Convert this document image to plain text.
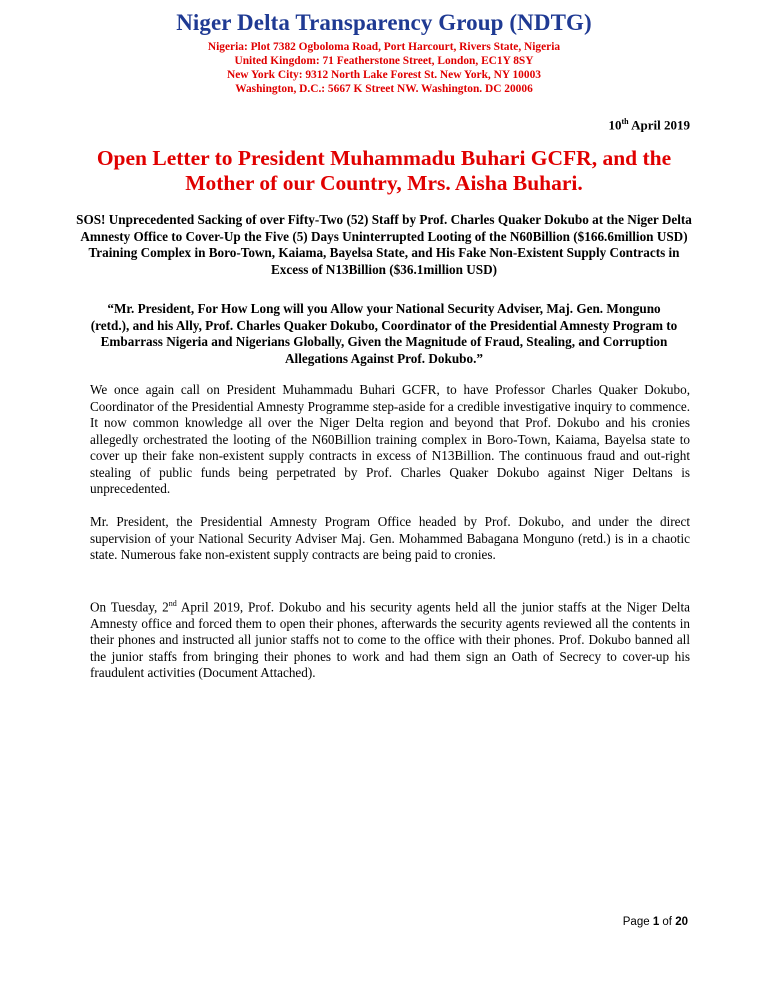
Niger Delta Transparency Group (NDTG)

Nigeria: Plot 7382 Ogboloma Road, Port Harcourt, Rivers State, Nigeria

United Kingdom: 71 Featherstone Street, London, EC1Y 8SY

New York City: 9312 North Lake Forest St. New York, NY 10003

Washington, D.C.: 5667 K Street NW. Washington. DC 20006

10th April 2019

Open Letter to President Muhammadu Buhari GCFR, and the Mother of our Country, Mrs. Aisha Buhari.

SOS! Unprecedented Sacking of over Fifty-Two (52) Staff by Prof. Charles Quaker Dokubo at the Niger Delta Amnesty Office to Cover-Up the Five (5) Days Uninterrupted Looting of the N60Billion ($166.6million USD) Training Complex in Boro-Town, Kaiama, Bayelsa State, and His Fake Non-Existent Supply Contracts in Excess of N13Billion ($36.1million USD)

“Mr. President, For How Long will you Allow your National Security Adviser, Maj. Gen. Monguno (retd.), and his Ally, Prof. Charles Quaker Dokubo, Coordinator of the Presidential Amnesty Program to Embarrass Nigeria and Nigerians Globally, Given the Magnitude of Fraud, Stealing, and Corruption Allegations Against Prof. Dokubo.”

We once again call on President Muhammadu Buhari GCFR, to have Professor Charles Quaker Dokubo, Coordinator of the Presidential Amnesty Programme step-aside for a credible investigative inquiry to commence. It now common knowledge all over the Niger Delta region and beyond that Prof. Dokubo and his cronies allegedly orchestrated the looting of the N60Billion training complex in Boro-Town, Kaiama, Bayelsa state to cover up their fake non-existent supply contracts in excess of N13Billion. The continuous fraud and out-right stealing of public funds being perpetrated by Prof. Charles Quaker Dokubo against Niger Deltans is unprecedented.

Mr. President, the Presidential Amnesty Program Office headed by Prof. Dokubo, and under the direct supervision of your National Security Adviser Maj. Gen. Mohammed Babagana Monguno (retd.) is in a chaotic state. Numerous fake non-existent supply contracts are being paid to cronies.

On Tuesday, 2nd April 2019, Prof. Dokubo and his security agents held all the junior staffs at the Niger Delta Amnesty office and forced them to open their phones, afterwards the security agents reviewed all the contents in their phones and instructed all junior staffs not to come to the office with their phones. Prof. Dokubo banned all the junior staffs from bringing their phones to work and had them sign an Oath of Secrecy to cover-up his fraudulent activities (Document Attached).

Page 1 of 20
